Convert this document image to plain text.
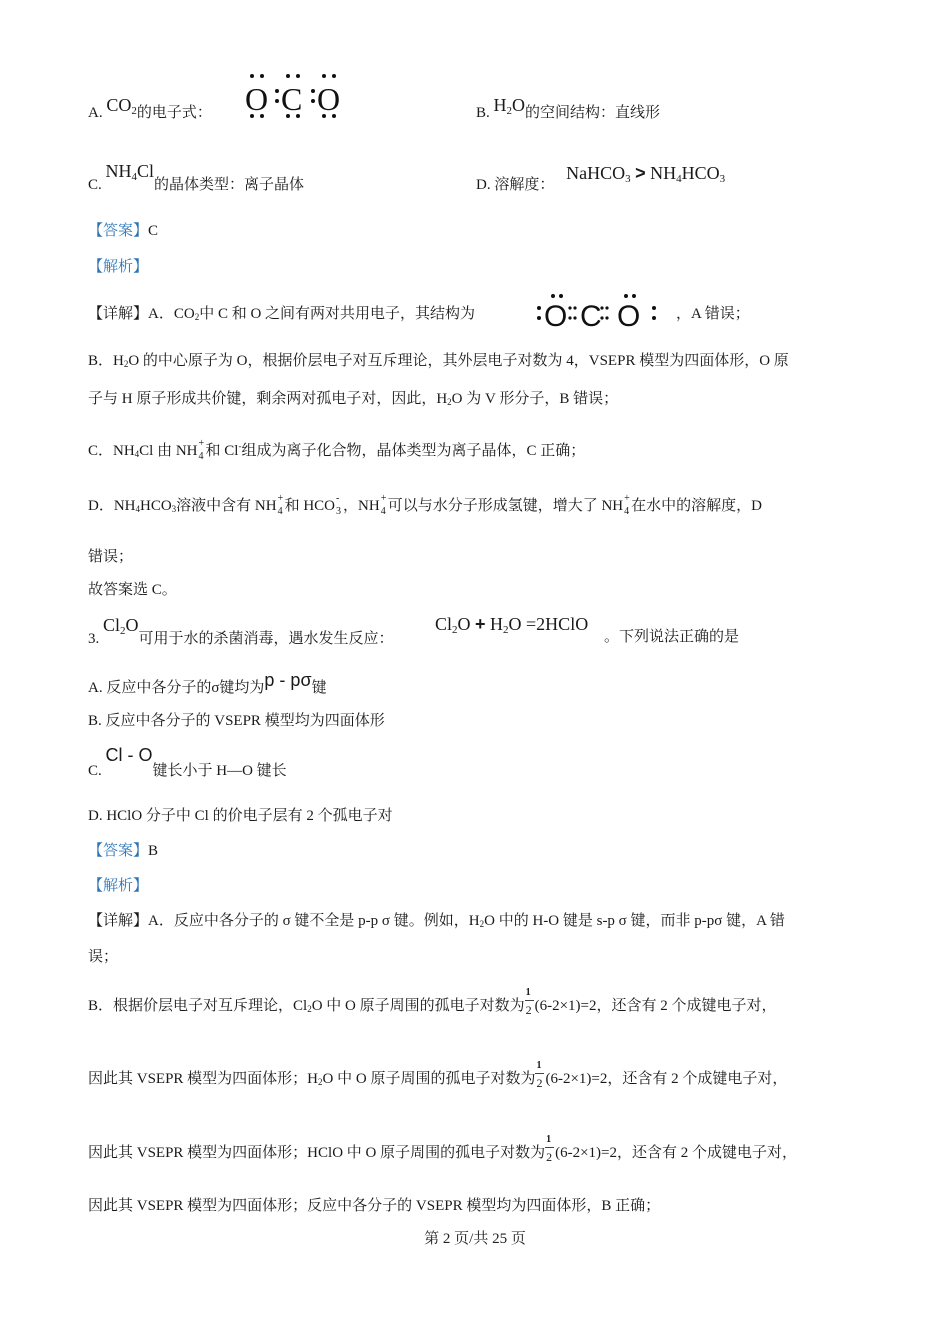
A. $CO_2$的电子式： O C O	B. $H_2O$的空间结构：直线形
C. $NH_4Cl$的晶体类型：离子晶体	D. 溶解度： NaHCO$_3$ > $NH_4HCO_3$
【答案】C
【解析】
【详解】A．CO2中 C 和 O 之间有两对共用电子，其结构为 O C O ，A 错误；
B．H2O 的中心原子为 O，根据价层电子对互斥理论，其外层电子对数为 4，VSEPR 模型为四面体形，O 原
子与 H 原子形成共价键，剩余两对孤电子对，因此，H2O 为 V 形分子，B 错误；
C．NH4Cl 由 NH +
4 和 Cl-组成为离子化合物，晶体类型为离子晶体，C 正确；
D．NH4HCO3溶液中含有 NH +
4 和 HCO -
3 ，NH +
4 可以与水分子形成氢键，增大了 NH +
4 在水中的溶解度，D
错误；
故答案选 C。
3. $Cl_2O$可用于水的杀菌消毒，遇水发生反应：
$Cl_2O + H_2O$ =2HClO
。下列说法正确的是
A. 反应中各分子的σ键均为p - pσ键
B. 反应中各分子的 VSEPR 模型均为四面体形
C. Cl - O键长小于 H—O 键长
D. HClO 分子中 Cl 的价电子层有 2 个孤电子对
【答案】B
【解析】
【详解】A．反应中各分子的 σ 键不全是 p-p σ 键。例如，H2O 中的 H-O 键是 s-p σ 键，而非 p-pσ 键，A 错
误；
B．根据价层电子对互斥理论，Cl2O 中 O 原子周围的孤电子对数为 $\frac{1}{2} (6-2\times 1)=2$，还含有 2 个成键电子对，
因此其 VSEPR 模型为四面体形；H2O 中 O 原子周围的孤电子对数为 $\frac{1}{2} (6-2\times 1)=2$，还含有 2 个成键电子对，
因此其 VSEPR 模型为四面体形；HClO 中 O 原子周围的孤电子对数为 $\frac{1}{2} (6-2\times 1)=2$，还含有 2 个成键电子对，
因此其 VSEPR 模型为四面体形；反应中各分子的 VSEPR 模型均为四面体形，B 正确；
第 2 页/共 25 页
